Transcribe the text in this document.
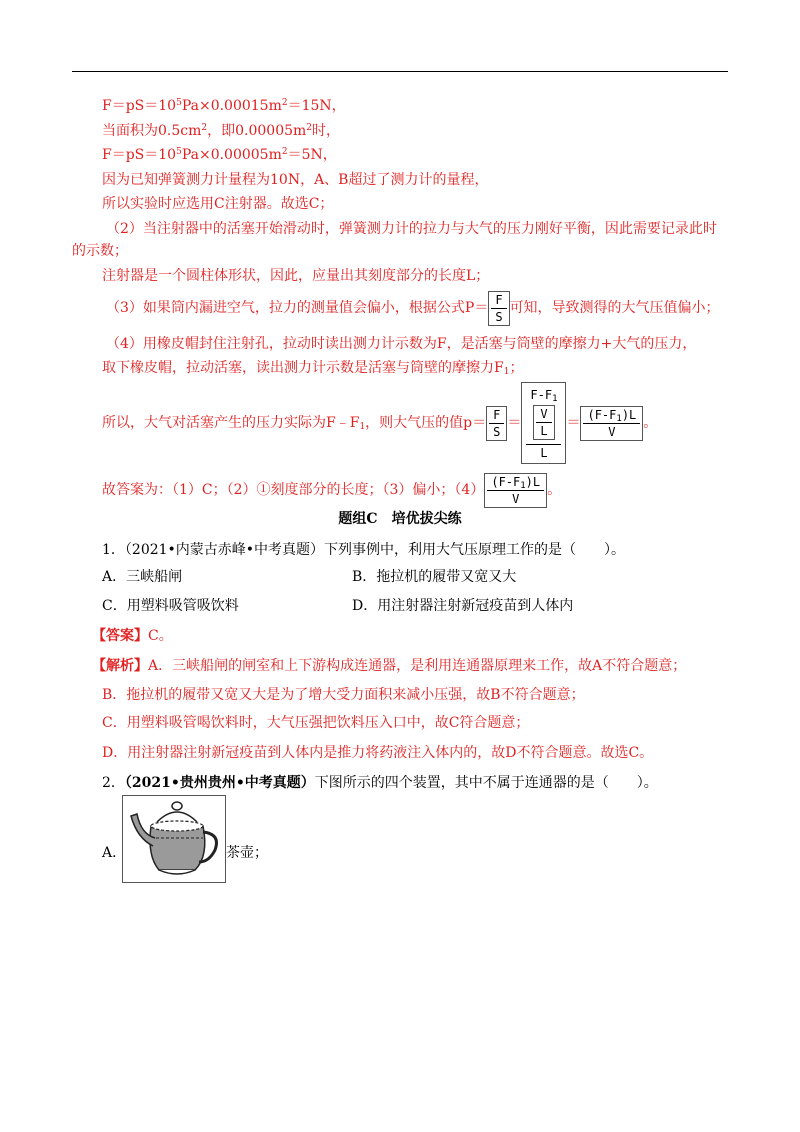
$F=pS=10^5Pa\times 0.00015m^2=15N$，
当面积为$0.5cm^2$，即$0.00005m^2$时，
$F=pS=10^5Pa\times 0.00005m^2=5N$，
因为已知弹簧测力计量程为10N，A、B超过了测力计的量程，
所以实验时应选用C注射器。故选C；
（2）当注射器中的活塞开始滑动时，弹簧测力计的拉力与大气的压力刚好平衡，因此需要记录此时
的示数；
注射器是一个圆柱体形状，因此，应量出其刻度部分的长度L；
（3）如果筒内漏进空气，拉力的测量值会偏小，根据公式$P= \frac{F}{S}$ 可知，导致测得的大气压值偏小；
（4）用橡皮帽封住注射孔，拉动时读出测力计示数为F，是活塞与筒壁的摩擦力+大气的压力，
取下橡皮帽，拉动活塞，读出测力计示数是活塞与筒壁的摩擦力$F_1$；
所以，大气对活塞产生的压力实际为$F﹣F_1$，则大气压的值$p= \frac{F}{S}$ ＝
$F-F_1$

$\frac{V}{L}$
L
＝ $\frac{(F-F_1)L}{V}$ 。
故答案为：（1）C；（2）①刻度部分的长度；（3）偏小；$(4) \frac{(F-F_1)L}{V}$ 。
题组C　培优拔尖练
1．（2021•内蒙古赤峰•中考真题）下列事例中，利用大气压原理工作的是（　　）。
A．三峡船闸	B．拖拉机的履带又宽又大
C．用塑料吸管吸饮料	D．用注射器注射新冠疫苗到人体内
【答案】C。
【解析】A．三峡船闸的闸室和上下游构成连通器，是利用连通器原理来工作，故A不符合题意；
B．拖拉机的履带又宽又大是为了增大受力面积来减小压强，故B不符合题意；
C．用塑料吸管喝饮料时，大气压强把饮料压入口中，故C符合题意；
D．用注射器注射新冠疫苗到人体内是推力将药液注入体内的，故D不符合题意。故选C。
2．（2021•贵州贵州•中考真题）下图所示的四个装置，其中不属于连通器的是（　　）。
A．	茶壶；
